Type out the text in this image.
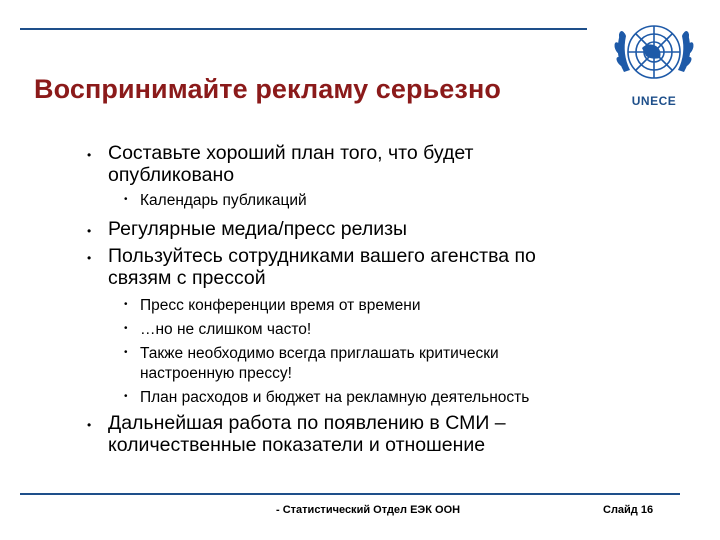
Воспринимайте рекламу серьезно	UNECE
• Составьте хороший план того, что будет
опубликовано
• Календарь публикаций
• Регулярные медиа/пресс релизы
• Пользуйтесь сотрудниками вашего агенства по
связям с прессой
• Пресс конференции время от времени
• …но не слишком часто!
• Также необходимо всегда приглашать критически
настроенную прессу!
• План расходов и бюджет на рекламную деятельность
• Дальнейшая работа по появлению в СМИ –
количественные показатели и отношение
- Статистический Отдел ЕЭК ООН	Слайд 16
